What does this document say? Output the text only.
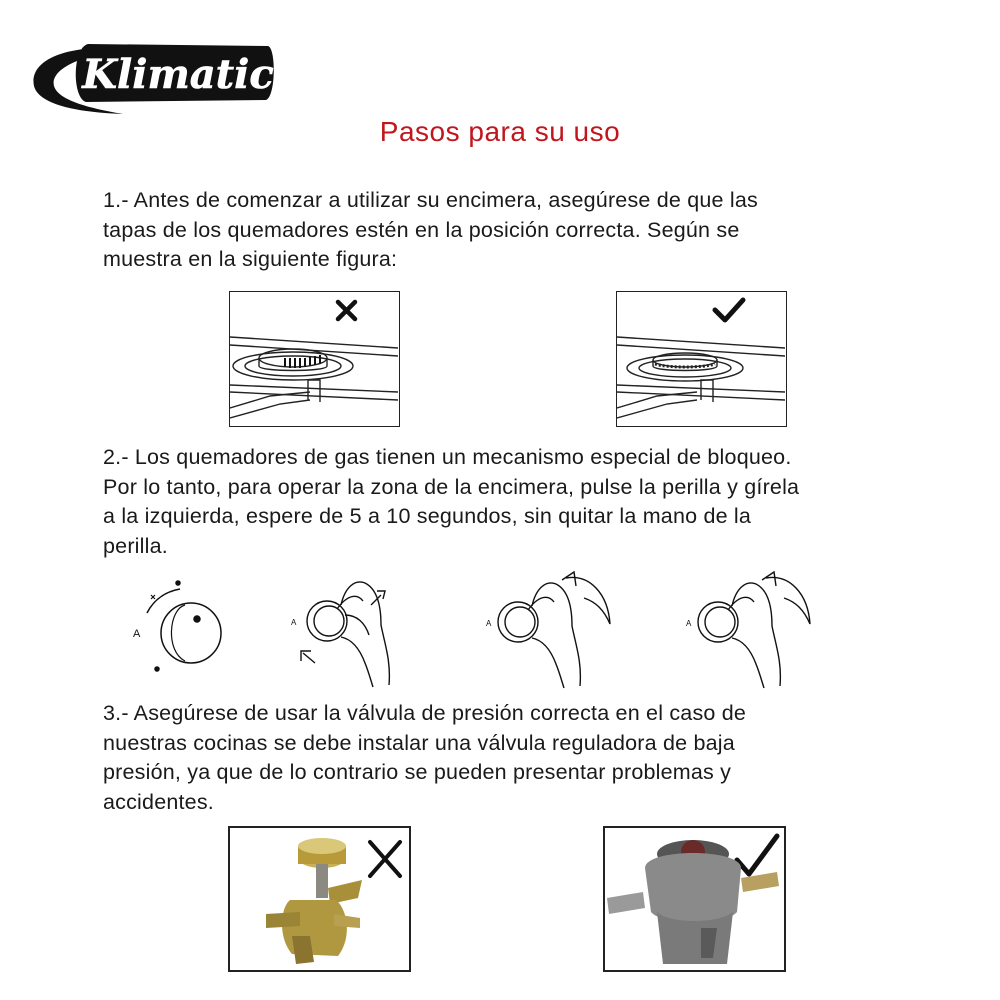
Klimatic
Pasos para su uso
1.- Antes de comenzar a utilizar su encimera, asegúrese de que las
tapas de los quemadores estén en la posición correcta. Según se
muestra en la siguiente figura:
2.- Los quemadores de gas tienen un mecanismo especial de bloqueo.
Por lo tanto, para operar la zona de la encimera, pulse la perilla y gírela
a la izquierda, espere de 5 a 10 segundos, sin quitar la mano de la
perilla.
A
A	A	A
3.- Asegúrese de usar la válvula de presión correcta en el caso de
nuestras cocinas se debe instalar una válvula reguladora de baja
presión, ya que de lo contrario se pueden presentar problemas y
accidentes.
